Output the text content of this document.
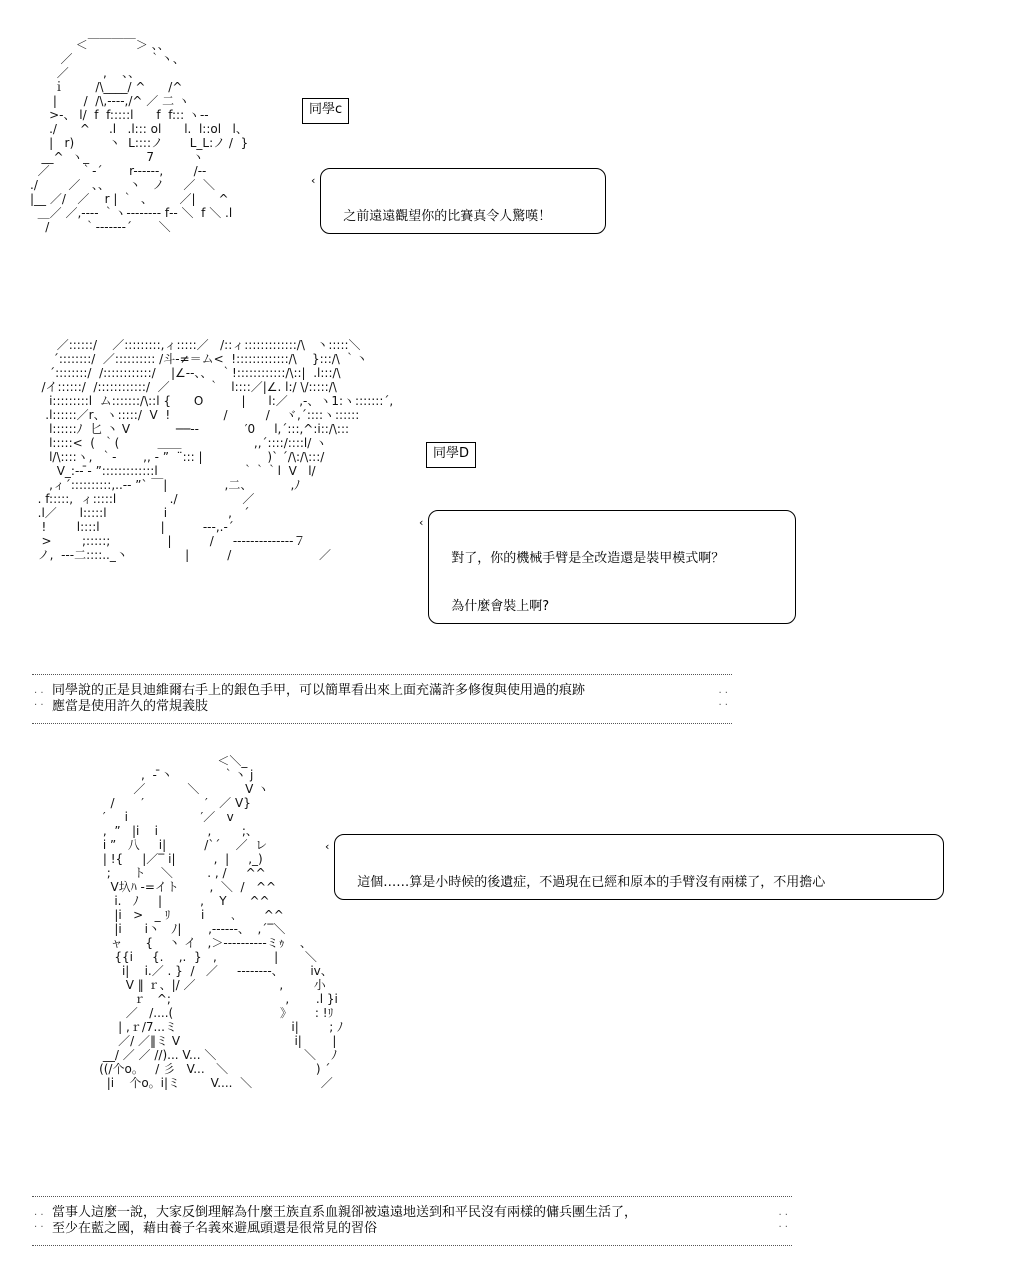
＜￣￣￣￣＞ 、、
／                    ｀丶、
／         ,    、、
ｉ        /\____/ ^      /^
|       /  /\,----,/^ ／ 二 ヽ
>-、 l/  f  f:::::l      f  f::: ヽ-‐
./      ^     .l   .l::: ol      l.  l::ol   l、
|   r)         丶  L::::ノ       L_L:ノ /  }
__^  ヽ_               7          ヽ
／        ｀-´       r------,        /‐‐
./        ／   、、     丶   ノ     ／  ＼
|__ ／/   ／    r | ｀  、       ／|      ^
＿／ ／,---- ｀ヽ-------- f‐‐ ＼  f ＼ .l
/         ｀‐‐‐‐‐‐‐´       ＼
同學c

‹

之前遠遠觀望你的比賽真令人驚嘆！

／::::::/    ／:::::::::,ィ:::::／   /::ィ:::::::::::::/\   丶:::::＼
´::::::::/  ／:::::::::: /斗‐≠＝ム<  !:::::::::::::/\    }:::/\ ｀丶
´::::::::/  /::::::::::::/    |∠‐-、、  ｀!::::::::::::/\::|  .l:::/\
/イ::::::/  /::::::::::::/  ／          ｀   l::::／|∠. l:/ \/:::::/\
i:::::::::l  ム:::::::/\::l {      O          |      l:／   ,-、ヽ1:ヽ:::::::´,
.l::::::／r、ヽ:::::/  V  !              /          /    ヾ,´::::ヽ::::::
l::::::ﾉ  匕 丶 V            ──-‐            ′0     l,´:::,^:i::/\:::
l:::::<  (  ｀(          ＿＿                   ,,´::::/::::l/ ヽ
l/\::::ヽ,  ｀‐       ,, ‐ ”  ¨::: |                 )` ´/\:/\:::/
V_:-‐ ̄‐ ”:::::::::::::l                      ｀｀｀l  V   l/
,ィ´::::::::::,..‐‐ ”` ￣|               ,二、          ,ﾉ
. f:::::,  ィ:::::l              ./                 ／
.l／      l:::::l               i                ,   ´
!        l::::l                |          ‐‐‐,.‐´
>        ;:::::;               |          /     ‐‐‐‐‐‐‐‐‐‐‐‐‐‐７
ノ,  ‐‐‐二::::.._丶               |          /                       ／
同學D

‹

對了，你的機械手臂是全改造還是裝甲模式啊？

為什麼會裝上啊?

. . . . 同學說的正是貝迪維爾右手上的銀色手甲，可以簡單看出來上面充滿許多修復與使用過的痕跡
應當是使用許久的常規義肢
. . . .
＜＼_
,  ‐ ̄丶             ｀丶 j
／           ＼            V ヽ
/       ′                ′   ／ V}
′     i                   ′／   v
,  ”   |i    i             ,        ;、
i ”   八     i|          /`´    ／  レ
| !{     |／‾ i|          ,  |     ,_)
;      ト    ＼         . , /     ^^
V圦ﾊ ‐=イト        ,  ＼  /   ^^
i.   ﾉ     |          ,    Y      ^^
|i   >   _ ﾘ        i       ､       ^^
|i      i丶   ﾉ|       ,‐‐‐‐‐‐、  ,´‾＼
ャ      {    丶 イ   ,＞‐‐‐‐‐‐‐‐‐‐ミｩ    、
{{i     {.    ,.  }   ,               |       ＼
i|    i.／ . }  /   ／     ‐‐‐‐‐‐‐‐、       iv、
V ‖ ｒ、|/ ／                      ,        小
ｒ   ^;                              ,       .l }i
／   /....(                            》      : !ﾘ
| ,ｒ/7...ミ                              i|        ; ﾉ
／/ ／‖ミ V                              i|        |
__/ ／ ／ //)... V... ＼                       ＼    ﾉ
((/个o。   / 彡   V...   ＼                       ) ´
|i    个o。i|ミ        V....  ＼                  ／

‹

這個……算是小時候的後遺症，不過現在已經和原本的手臂沒有兩樣了，不用擔心

. . . . 當事人這麼一說，大家反倒理解為什麼王族直系血親卻被遠遠地送到和平民沒有兩樣的傭兵團生活了，
至少在藍之國，藉由養子名義來避風頭還是很常見的習俗
. . . .
